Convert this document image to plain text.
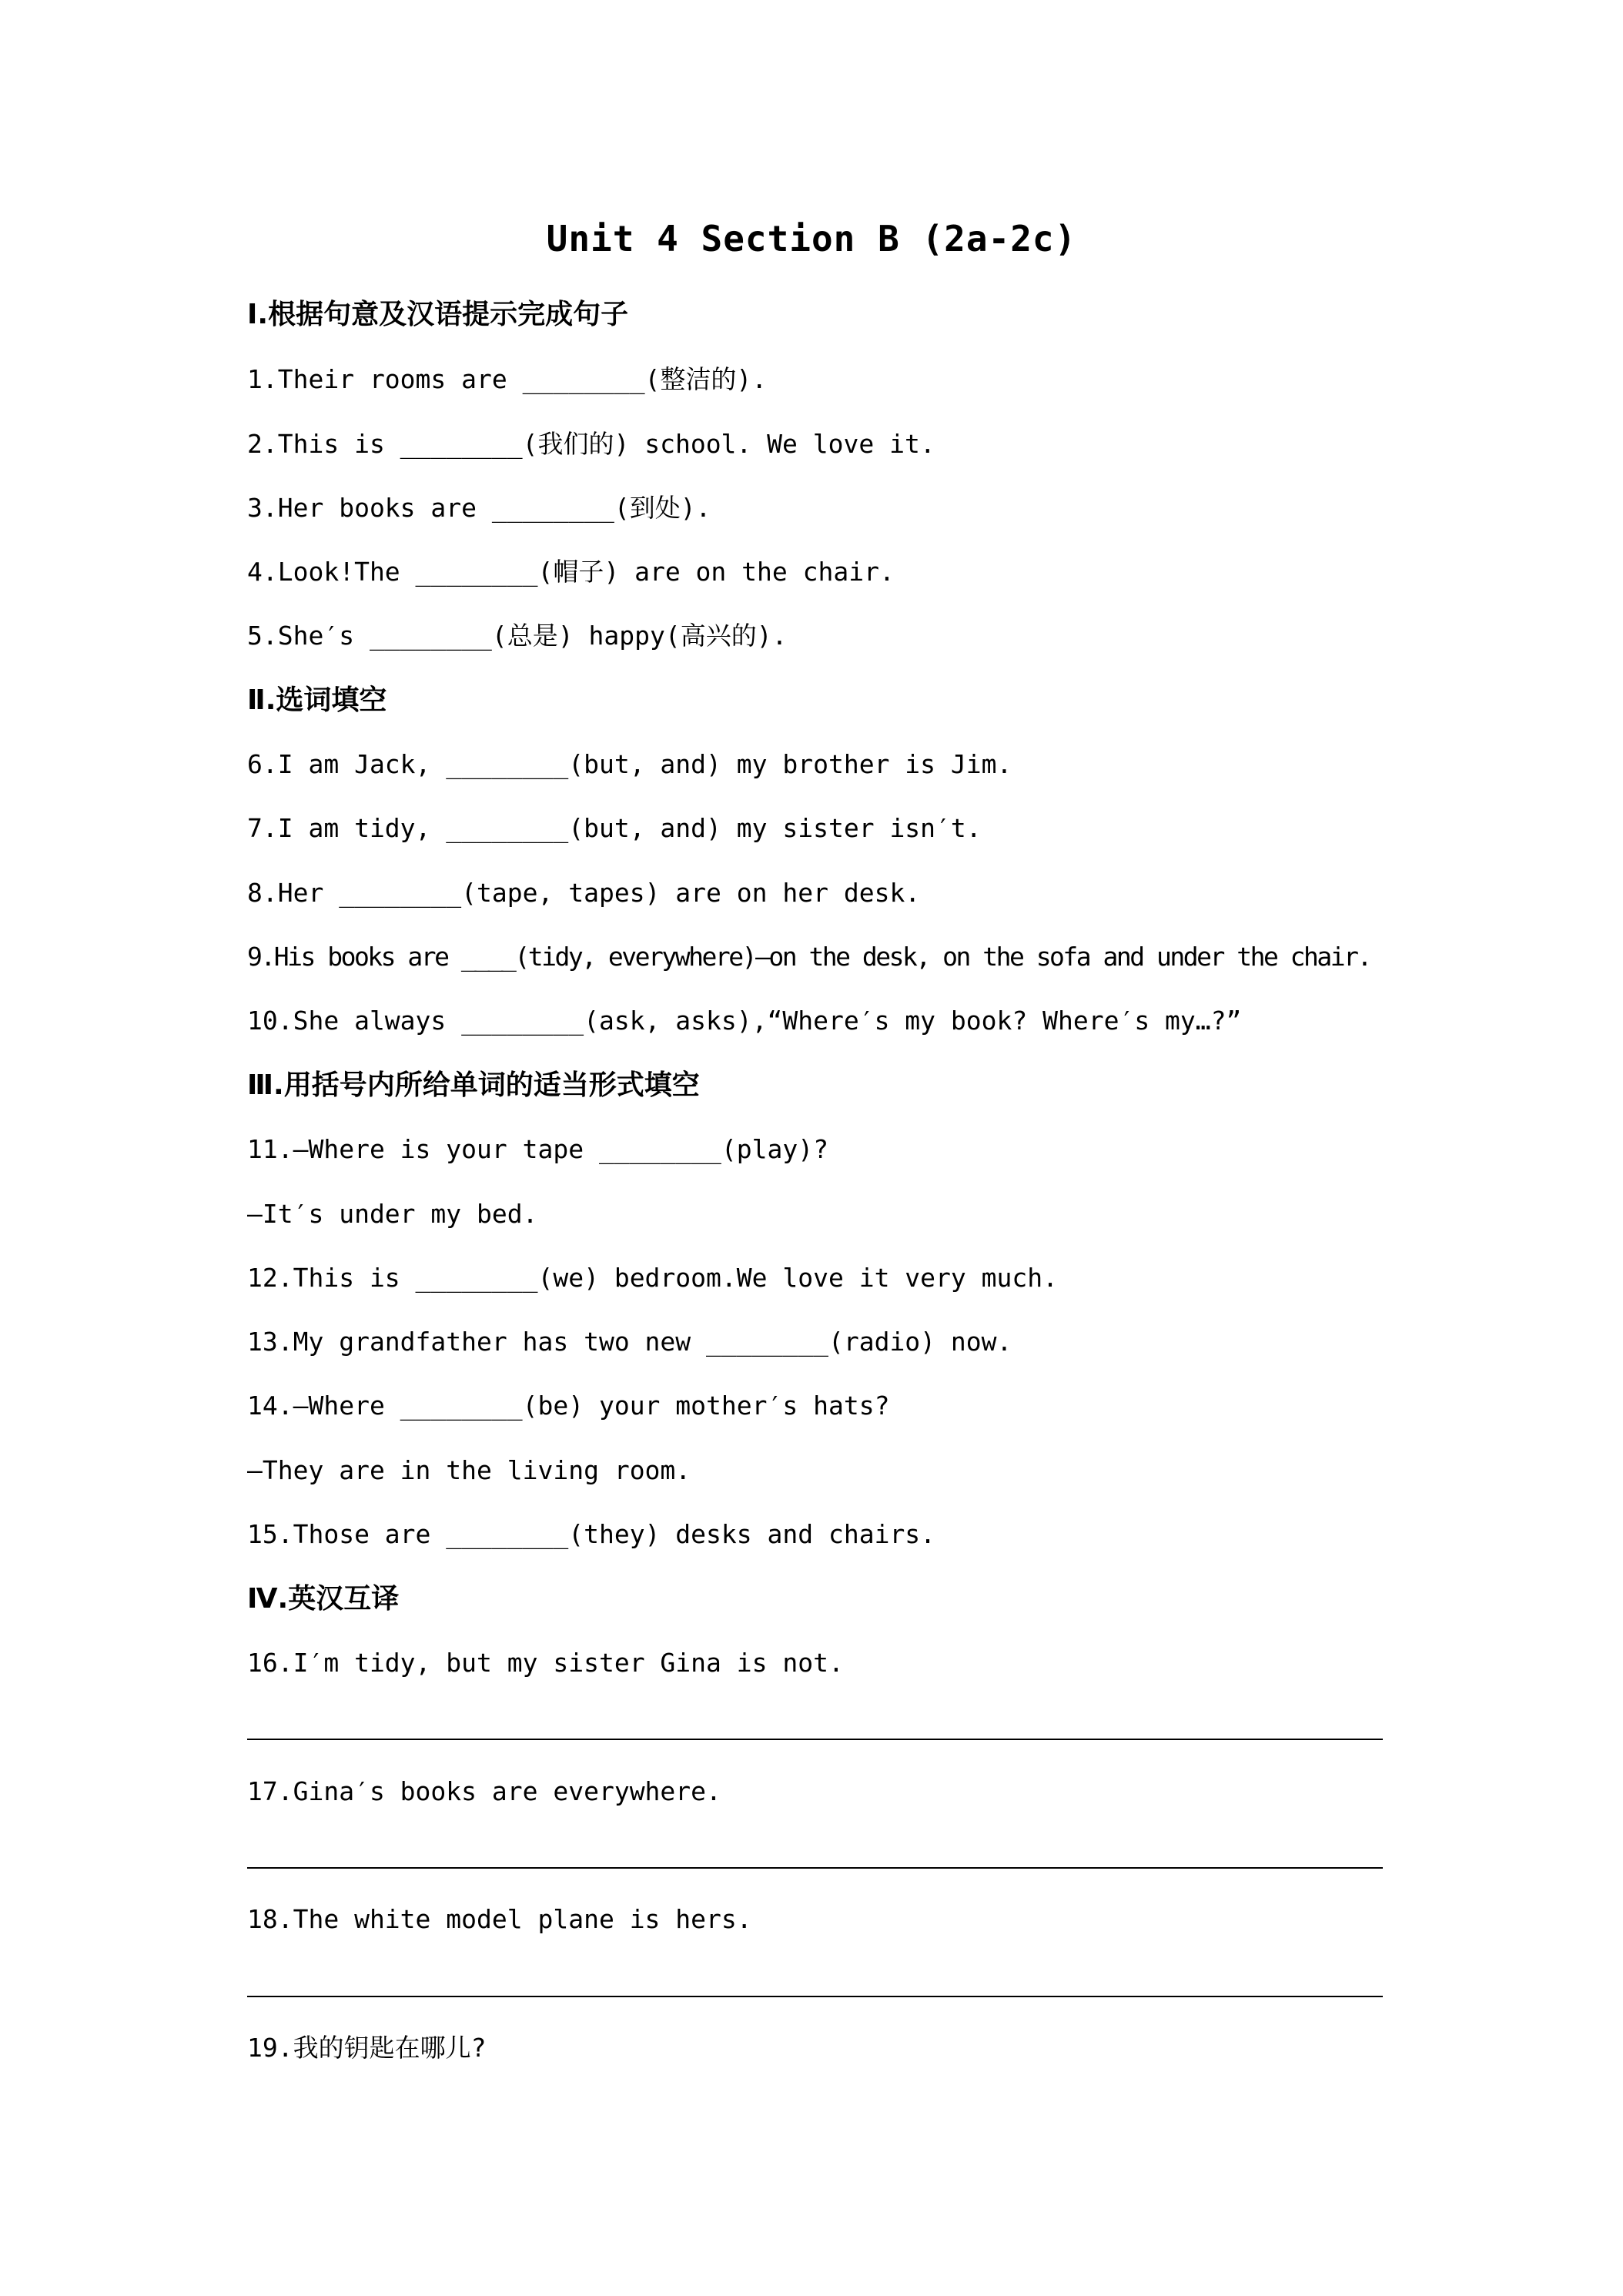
Unit 4 Section B (2a-2c)
Ⅰ.根据句意及汉语提示完成句子
1.Their rooms are ________(整洁的).
2.This is ________(我们的) school. We love it.
3.Her books are ________(到处).
4.Look!The ________(帽子) are on the chair.
5.She′s ________(总是) happy(高兴的).
Ⅱ.选词填空
6.I am Jack, ________(but, and) my brother is Jim.
7.I am tidy, ________(but, and) my sister isn′t.
8.Her ________(tape, tapes) are on her desk.
9.His books are ____(tidy, everywhere)—on the desk, on the sofa and under the chair.
10.She always ________(ask, asks),“Where′s my book? Where′s my…?”
Ⅲ.用括号内所给单词的适当形式填空
11.—Where is your tape ________(play)?
—It′s under my bed.
12.This is ________(we) bedroom.We love it very much.
13.My grandfather has two new ________(radio) now.
14.—Where ________(be) your mother′s hats?
—They are in the living room.
15.Those are ________(they) desks and chairs.
Ⅳ.英汉互译
16.I′m tidy, but my sister Gina is not.
17.Gina′s books are everywhere.
18.The white model plane is hers.
19.我的钥匙在哪儿?
